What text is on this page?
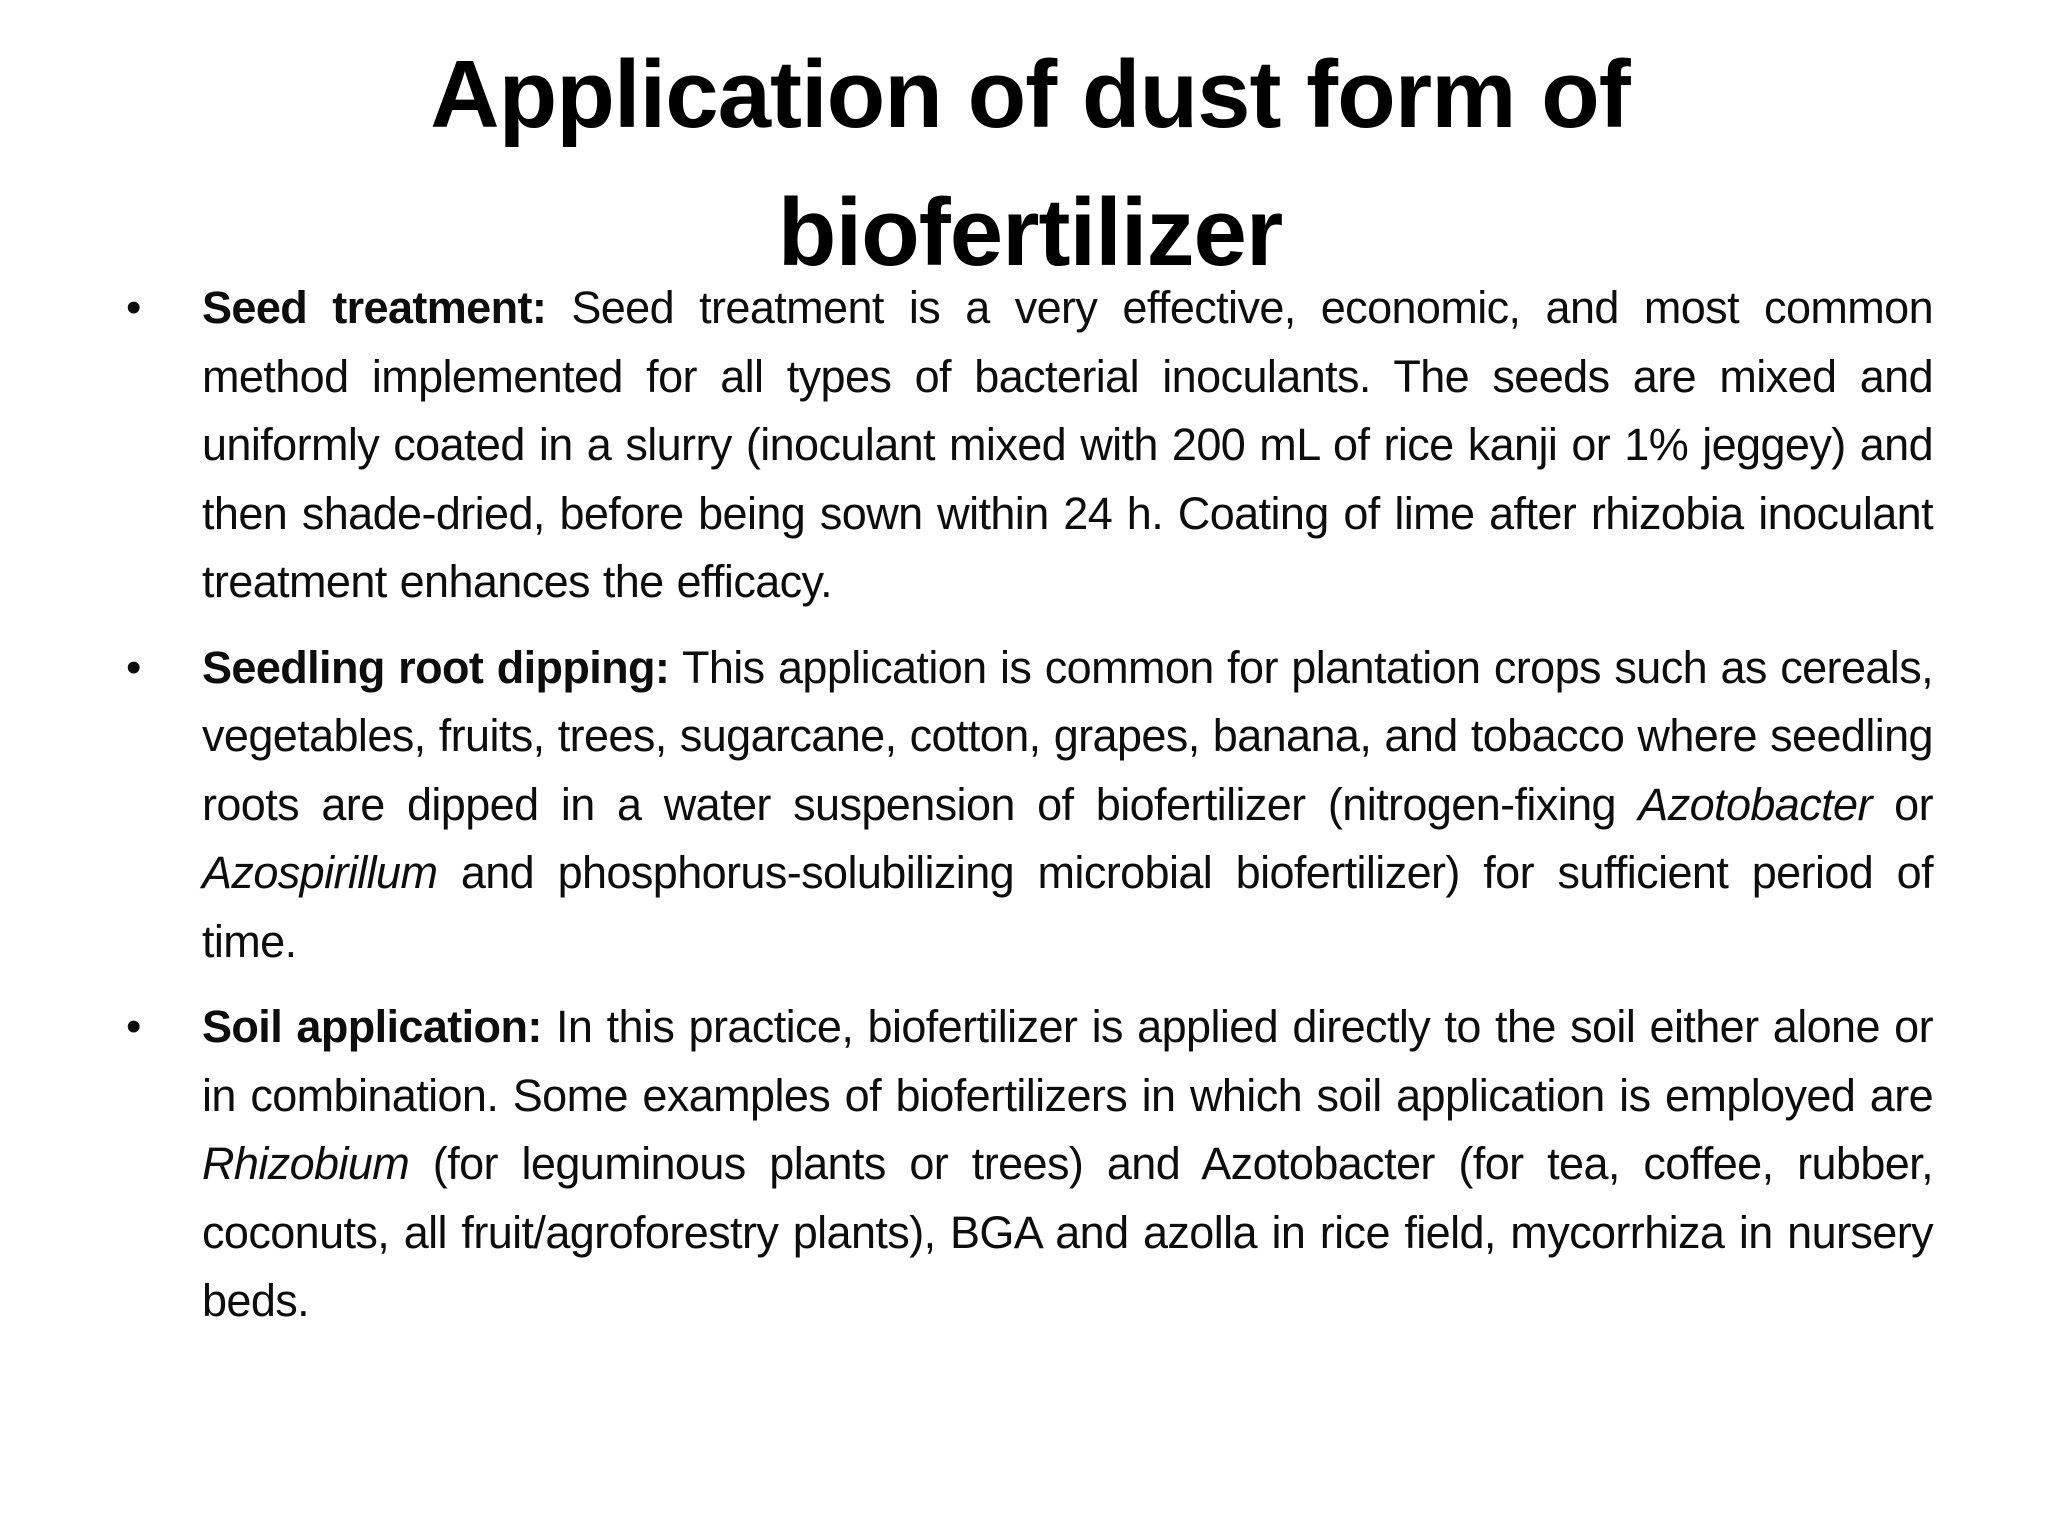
Application of dust form of biofertilizer
• Seed treatment: Seed treatment is a very effective, economic, and most common method implemented for all types of bacterial inoculants. The seeds are mixed and uniformly coated in a slurry (inoculant mixed with 200 mL of rice kanji or 1% jeggey) and then shade-dried, before being sown within 24 h. Coating of lime after rhizobia inoculant treatment enhances the efficacy.
• Seedling root dipping: This application is common for plantation crops such as cereals, vegetables, fruits, trees, sugarcane, cotton, grapes, banana, and tobacco where seedling roots are dipped in a water suspension of biofertilizer (nitrogen-fixing Azotobacter or Azospirillum and phosphorus-solubilizing microbial biofertilizer) for sufficient period of time.
• Soil application: In this practice, biofertilizer is applied directly to the soil either alone or in combination. Some examples of biofertilizers in which soil application is employed are Rhizobium (for leguminous plants or trees) and Azotobacter (for tea, coffee, rubber, coconuts, all fruit/agroforestry plants), BGA and azolla in rice field, mycorrhiza in nursery beds.
